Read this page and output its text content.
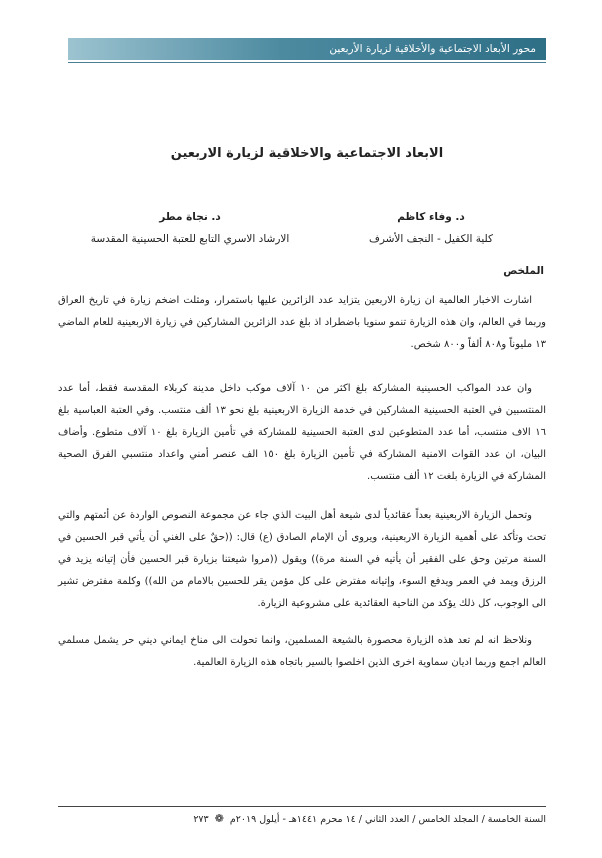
محور الأبعاد الاجتماعية والأخلاقية لزيارة الأربعين
الابعاد الاجتماعية والاخلاقية لزيارة الاربعين
د. وفاء كاظم
كلية الكفيل - النجف الأشرف
د. نجاة مطر
الارشاد الاسري التابع للعتبة الحسينية المقدسة
الملخص

اشارت الاخبار العالمية ان زيارة الاربعين يتزايد عدد الزائرين عليها باستمرار، ومثلت اضخم زيارة في تاريخ العراق وربما في العالم، وان هذه الزيارة تنمو سنويا باضطراد اذ بلغ عدد الزائرين المشاركين في زيارة الاربعينية للعام الماضي ١٣ مليوناً و٨٠٨ ألفاً و٨٠٠ شخص.

وان عدد المواكب الحسينية المشاركة بلغ اكثر من ١٠ آلاف موكب داخل مدينة كربلاء المقدسة فقط، أما عدد المنتسبين في العتبة الحسينية المشاركين في خدمة الزيارة الاربعينية بلغ نحو ١٣ ألف منتسب. وفي العتبة العباسية بلغ ١٦ الاف منتسب، أما عدد المتطوعين لدى العتبة الحسينية للمشاركة في تأمين الزيارة بلغ ١٠ آلاف متطوع. وأضاف البيان، ان عدد القوات الامنية المشاركة في تأمين الزيارة بلغ ١٥٠ الف عنصر أمني واعداد منتسبي الفرق الصحية المشاركة في الزيارة بلغت ١٢ ألف منتسب.

وتحمل الزيارة الاربعينية بعداً عقائدياً لدى شيعة أهل البيت الذي جاء عن مجموعة النصوص الواردة عن أئمتهم والتي تحث وتأكد على أهمية الزيارة الاربعينية، ويروى أن الإمام الصادق (ع) قال: ((حقٌ على الغني أن يأتي قبر الحسين في السنة مرتين وحق على الفقير أن يأتيه في السنة مرة)) ويقول ((مروا شيعتنا بزيارة قبر الحسين فأن إتيانه يزيد في الرزق ويمد في العمر ويدفع السوء، وإتيانه مفترض على كل مؤمن يقر للحسين بالامام من الله)) وكلمة مفترض تشير الى الوجوب، كل ذلك يؤكد من الناحية العقائدية على مشروعية الزيارة.

ونلاحظ انه لم تعد هذه الزيارة محصورة بالشيعة المسلمين، وانما تحولت الى مناخ ايماني ديني حر يشمل مسلمي العالم اجمع وربما اديان سماوية اخرى الذين اخلصوا بالسير باتجاه هذه الزيارة العالمية.

السنة الخامسة / المجلد الخامس / العدد الثاني / ١٤ محرم ١٤٤١هـ - أيلول ٢٠١٩م ❁ ٢٧٣
